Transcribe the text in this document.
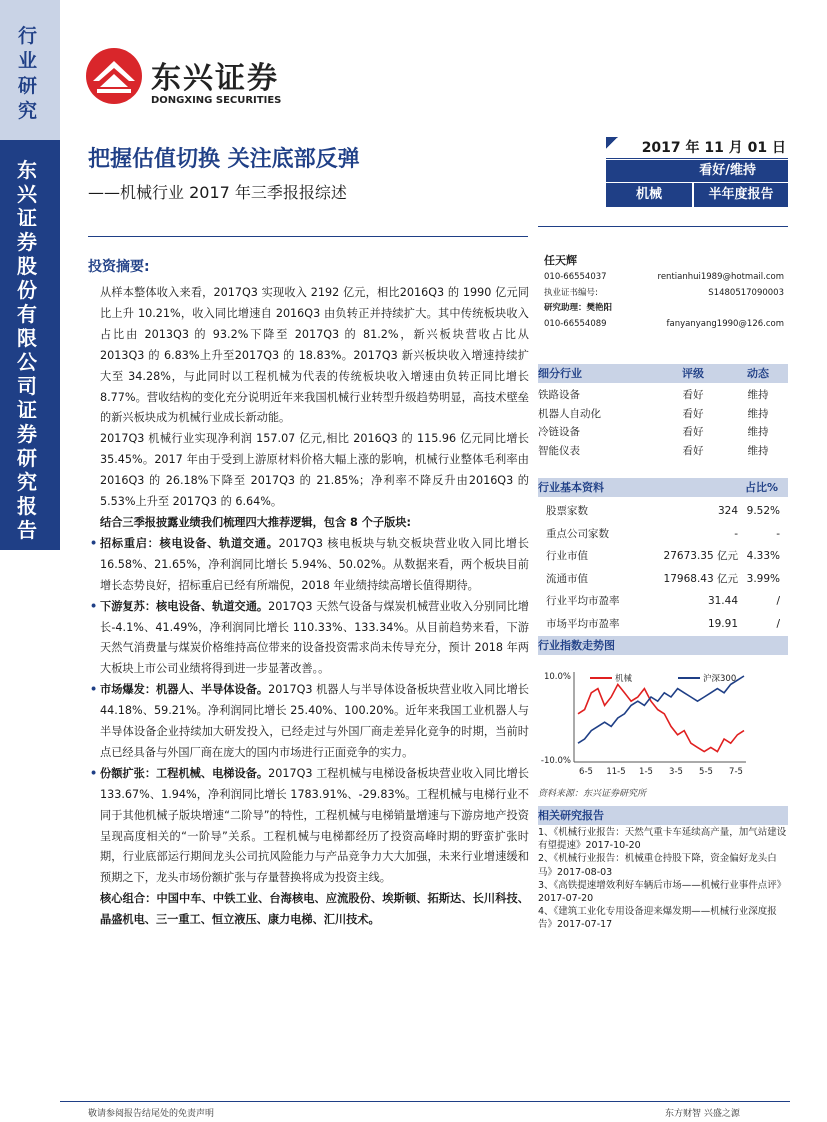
行业研究
东兴证券股份有限公司证券研究报告
东兴证券
DONGXING SECURITIES
把握估值切换 关注底部反弹
——机械行业 2017 年三季报报综述
2017 年 11 月 01 日
看好/维持
机械	半年度报告
投资摘要:

从样本整体收入来看，2017Q3 实现收入 2192 亿元，相比2016Q3 的 1990 亿元同比上升 10.21%，收入同比增速自 2016Q3 由负转正并持续扩大。其中传统板块收入占比由 2013Q3 的 93.2%下降至 2017Q3 的 81.2%，新兴板块营收占比从 2013Q3 的 6.83%上升至2017Q3 的 18.83%。2017Q3 新兴板块收入增速持续扩大至 34.28%，与此同时以工程机械为代表的传统板块收入增速由负转正同比增长 8.77%。营收结构的变化充分说明近年来我国机械行业转型升级趋势明显，高技术壁垒的新兴板块成为机械行业成长新动能。

2017Q3 机械行业实现净利润 157.07 亿元,相比 2016Q3 的 115.96 亿元同比增长 35.45%。2017 年由于受到上游原材料价格大幅上涨的影响，机械行业整体毛利率由 2016Q3 的 26.18%下降至 2017Q3 的 21.85%；净利率不降反升由2016Q3 的 5.53%上升至 2017Q3 的 6.64%。

结合三季报披露业绩我们梳理四大推荐逻辑，包含 8 个子版块:

• 招标重启：核电设备、轨道交通。2017Q3 核电板块与轨交板块营业收入同比增长 16.58%、21.65%，净利润同比增长 5.94%、50.02%。从数据来看，两个板块目前增长态势良好，招标重启已经有所端倪，2018 年业绩持续高增长值得期待。

• 下游复苏：核电设备、轨道交通。2017Q3 天然气设备与煤炭机械营业收入分别同比增长-4.1%、41.49%，净利润同比增长 110.33%、133.34%。从目前趋势来看，下游天然气消费量与煤炭价格维持高位带来的设备投资需求尚未传导充分，预计 2018 年两大板块上市公司业绩将得到进一步显著改善。。

• 市场爆发：机器人、半导体设备。2017Q3 机器人与半导体设备板块营业收入同比增长 44.18%、59.21%。净利润同比增长 25.40%、100.20%。近年来我国工业机器人与半导体设备企业持续加大研发投入，已经走过与外国厂商走差异化竞争的时期，当前时点已经具备与外国厂商在庞大的国内市场进行正面竞争的实力。

• 份额扩张：工程机械、电梯设备。2017Q3 工程机械与电梯设备板块营业收入同比增长 133.67%、1.94%，净利润同比增长 1783.91%、-29.83%。工程机械与电梯行业不同于其他机械子版块增速“二阶导”的特性，工程机械与电梯销量增速与下游房地产投资呈现高度相关的“一阶导”关系。工程机械与电梯都经历了投资高峰时期的野蛮扩张时期，行业底部运行期间龙头公司抗风险能力与产品竞争力大大加强，未来行业增速缓和预期之下，龙头市场份额扩张与存量替换将成为投资主线。

核心组合：中国中车、中铁工业、台海核电、应流股份、埃斯顿、拓斯达、长川科技、晶盛机电、三一重工、恒立液压、康力电梯、汇川技术。

任天辉
010-66554037	rentianhui1989@hotmail.com
执业证书编号:	S1480517090003
研究助理：樊艳阳
010-66554089	fanyanyang1990@126.com
细分行业	评级	动态
铁路设备	看好	维持
机器人自动化	看好	维持
冷链设备	看好	维持
智能仪表	看好	维持
行业基本资料	占比%
股票家数	324 9.52%
重点公司家数	-	-
行业市值	27673.35 亿元 4.33%
流通市值	17968.43 亿元 3.99%
行业平均市盈率	31.44	/
市场平均市盈率	19.91	/
行业指数走势图
10.0%
-10.0%
6-5 11-5 1-5 3-5 5-5 7-5
机械	沪深300
资料来源：东兴证券研究所
相关研究报告
1、《机械行业报告：天然气重卡车延续高产量，加气站建设有望提速》2017-10-20
2、《机械行业报告：机械重仓持股下降，资金偏好龙头白马》2017-08-03
3、《高铁提速增效利好车辆后市场——机械行业事件点评》2017-07-20
4、《建筑工业化专用设备迎来爆发期——机械行业深度报告》2017-07-17
敬请参阅报告结尾处的免责声明	东方财智 兴盛之源
